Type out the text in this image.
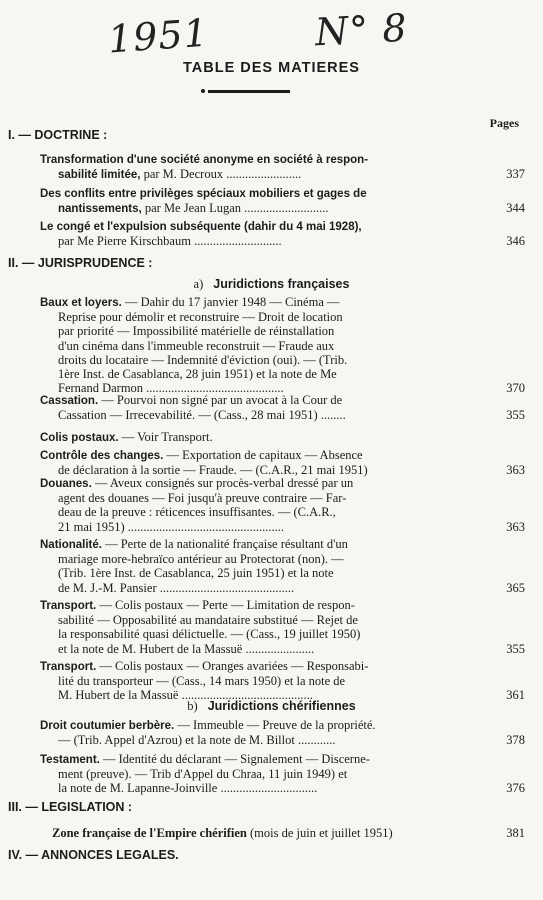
1951	N° 8
TABLE DES MATIERES
Pages
I. — DOCTRINE :
Transformation d'une société anonyme en société à respon-
sabilité limitée, par M. Decroux ........................	337
Des conflits entre privilèges spéciaux mobiliers et gages de
nantissements, par Me Jean Lugan ...........................	344
Le congé et l'expulsion subséquente (dahir du 4 mai 1928),
par Me Pierre Kirschbaum ............................	346
II. — JURISPRUDENCE :
a) Juridictions françaises
Baux et loyers. — Dahir du 17 janvier 1948 — Cinéma —
Reprise pour démolir et reconstruire — Droit de location
par priorité — Impossibilité matérielle de réinstallation
d'un cinéma dans l'immeuble reconstruit — Fraude aux
droits du locataire — Indemnité d'éviction (oui). — (Trib.
1ère Inst. de Casablanca, 28 juin 1951) et la note de Me
Fernand Darmon ............................................	370
Cassation. — Pourvoi non signé par un avocat à la Cour de
Cassation — Irrecevabilité. — (Cass., 28 mai 1951) ........	355
Colis postaux. — Voir Transport.
Contrôle des changes. — Exportation de capitaux — Absence
de déclaration à la sortie — Fraude. — (C.A.R., 21 mai 1951)	363
Douanes. — Aveux consignés sur procès-verbal dressé par un
agent des douanes — Foi jusqu'à preuve contraire — Far-
deau de la preuve : réticences insuffisantes. — (C.A.R.,
21 mai 1951) ..................................................	363
Nationalité. — Perte de la nationalité française résultant d'un
mariage more-hebraïco antérieur au Protectorat (non). —
(Trib. 1ère Inst. de Casablanca, 25 juin 1951) et la note
de M. J.-M. Pansier ...........................................	365
Transport. — Colis postaux — Perte — Limitation de respon-
sabilité — Opposabilité au mandataire substitué — Rejet de
la responsabilité quasi délictuelle. — (Cass., 19 juillet 1950)
et la note de M. Hubert de la Massuë ......................	355
Transport. — Colis postaux — Oranges avariées — Responsabi-
lité du transporteur — (Cass., 14 mars 1950) et la note de
M. Hubert de la Massuë ..........................................	361
b) Juridictions chérifiennes
Droit coutumier berbère. — Immeuble — Preuve de la propriété.
— (Trib. Appel d'Azrou) et la note de M. Billot ............	378
Testament. — Identité du déclarant — Signalement — Discerne-
ment (preuve). — Trib d'Appel du Chraa, 11 juin 1949) et
la note de M. Lapanne-Joinville ...............................	376
III. — LEGISLATION :
Zone française de l'Empire chérifien (mois de juin et juillet 1951)	381
IV. — ANNONCES LEGALES.
